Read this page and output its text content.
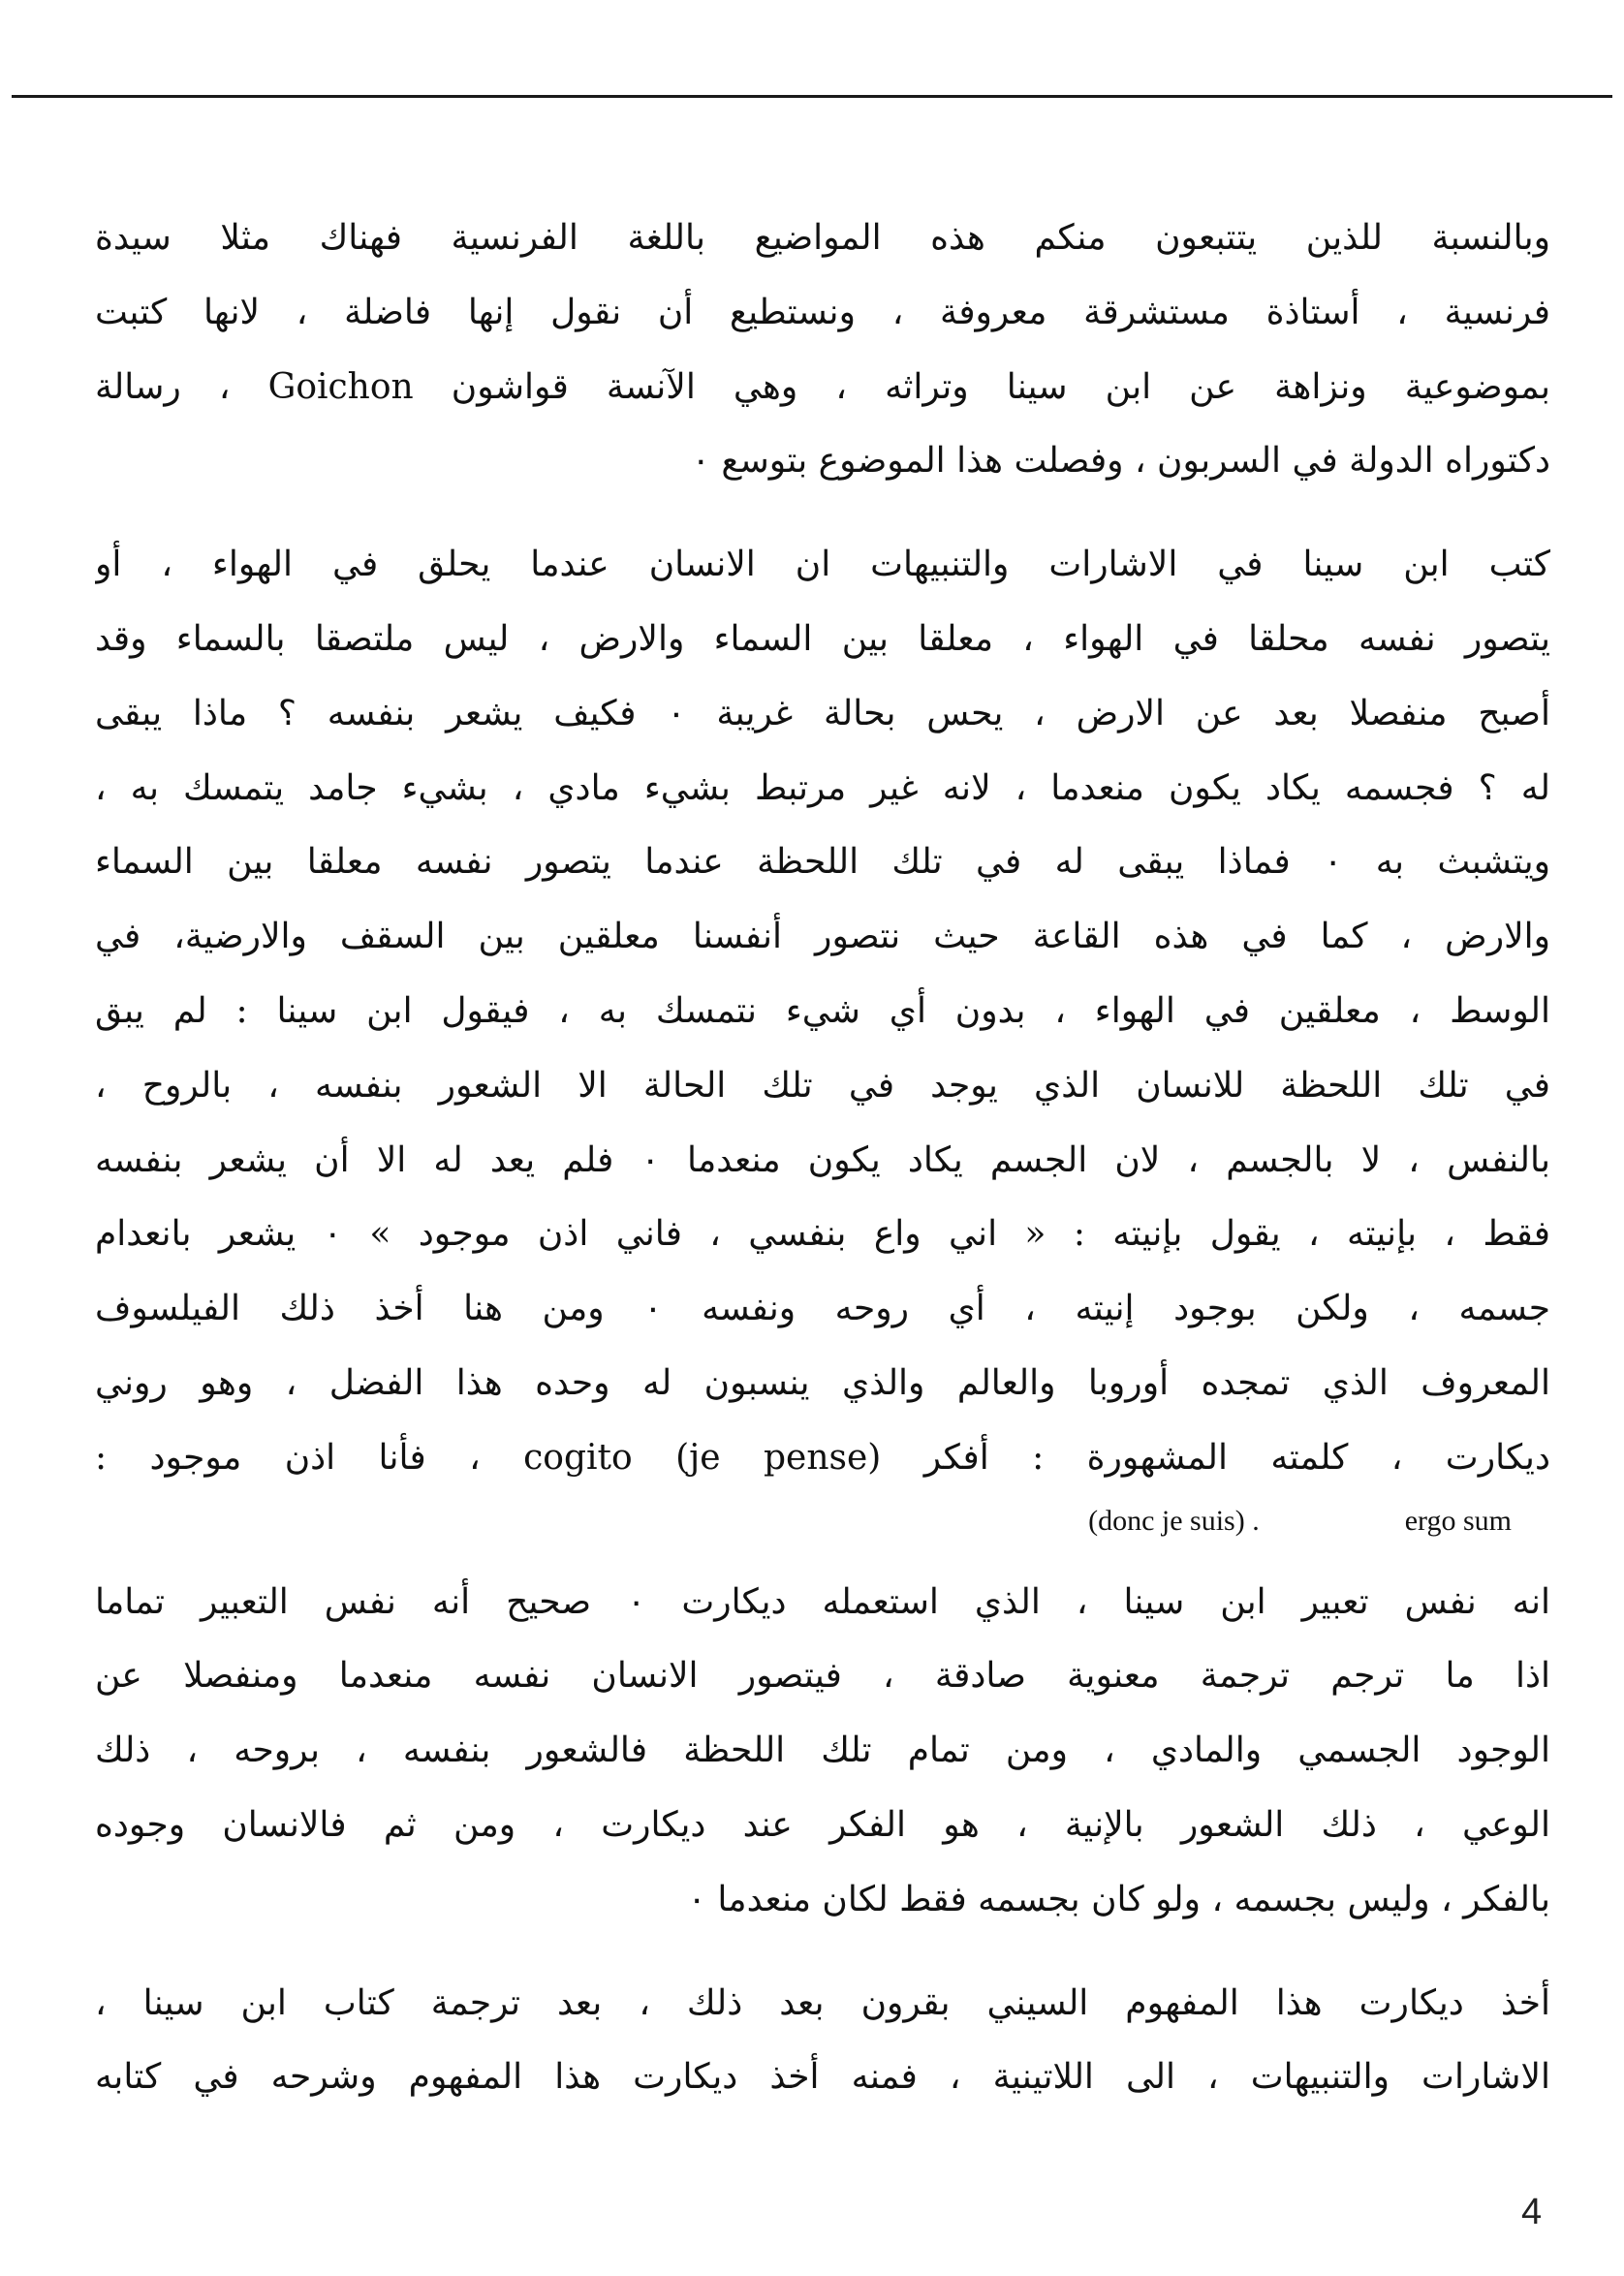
وبالنسبة للذين يتتبعون منكم هذه المواضيع باللغة الفرنسية فهناك مثلا سيدة
فرنسية ، أستاذة مستشرقة معروفة ، ونستطيع أن نقول إنها فاضلة ، لانها كتبت
بموضوعية ونزاهة عن ابن سينا وتراثه ، وهي الآنسة قواشون Goichon ، رسالة
دكتوراه الدولة في السربون ، وفصلت هذا الموضوع بتوسع ٠
كتب ابن سينا في الاشارات والتنبيهات ان الانسان عندما يحلق في الهواء ، أو
يتصور نفسه محلقا في الهواء ، معلقا بين السماء والارض ، ليس ملتصقا بالسماء وقد
أصبح منفصلا بعد عن الارض ، يحس بحالة غريبة ٠ فكيف يشعر بنفسه ؟ ماذا يبقى
له ؟ فجسمه يكاد يكون منعدما ، لانه غير مرتبط بشيء مادي ، بشيء جامد يتمسك به ،
ويتشبث به ٠ فماذا يبقى له في تلك اللحظة عندما يتصور نفسه معلقا بين السماء
والارض ، كما في هذه القاعة حيث نتصور أنفسنا معلقين بين السقف والارضية، في
الوسط ، معلقين في الهواء ، بدون أي شيء نتمسك به ، فيقول ابن سينا : لم يبق
في تلك اللحظة للانسان الذي يوجد في تلك الحالة الا الشعور بنفسه ، بالروح ،
بالنفس ، لا بالجسم ، لان الجسم يكاد يكون منعدما ٠ فلم يعد له الا أن يشعر بنفسه
فقط ، بإنيته ، يقول بإنيته : « اني واع بنفسي ، فاني اذن موجود » ٠ يشعر بانعدام
جسمه ، ولكن بوجود إنيته ، أي روحه ونفسه ٠ ومن هنا أخذ ذلك الفيلسوف
المعروف الذي تمجده أوروبا والعالم والذي ينسبون له وحده هذا الفضل ، وهو روني
ديكارت ، كلمته المشهورة : أفكر cogito (je pense) ، فأنا اذن موجود :
(donc je suis) .	ergo sum
انه نفس تعبير ابن سينا ، الذي استعمله ديكارت ٠ صحيح أنه نفس التعبير تماما
اذا ما ترجم ترجمة معنوية صادقة ، فيتصور الانسان نفسه منعدما ومنفصلا عن
الوجود الجسمي والمادي ، ومن تمام تلك اللحظة فالشعور بنفسه ، بروحه ، ذلك
الوعي ، ذلك الشعور بالإنية ، هو الفكر عند ديكارت ، ومن ثم فالانسان وجوده
بالفكر ، وليس بجسمه ، ولو كان بجسمه فقط لكان منعدما ٠
أخذ ديكارت هذا المفهوم السيني بقرون بعد ذلك ، بعد ترجمة كتاب ابن سينا ،
الاشارات والتنبيهات ، الى اللاتينية ، فمنه أخذ ديكارت هذا المفهوم وشرحه في كتابه
4
